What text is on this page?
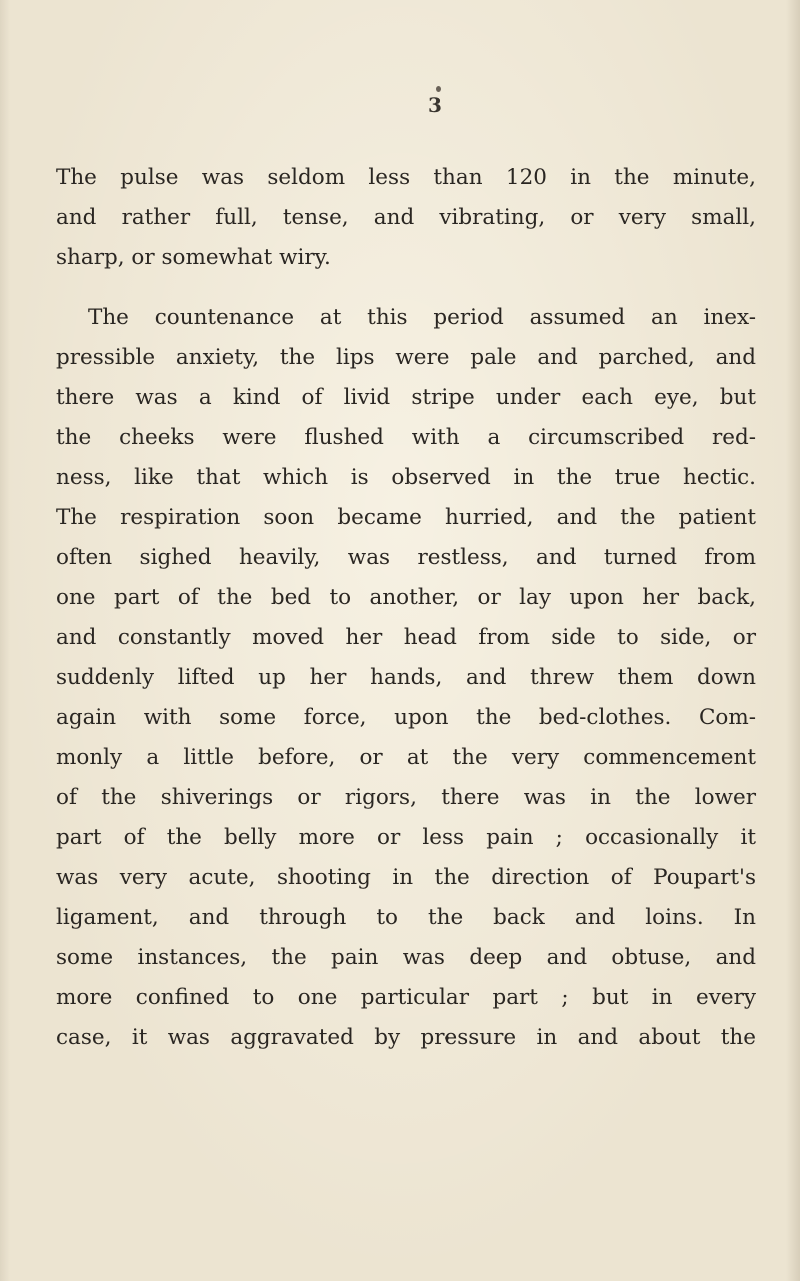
3
The pulse was seldom less than 120 in the minute,
and rather full, tense, and vibrating, or very small,
sharp, or somewhat wiry.
The countenance at this period assumed an inex-
pressible anxiety, the lips were pale and parched, and
there was a kind of livid stripe under each eye, but
the cheeks were flushed with a circumscribed red-
ness, like that which is observed in the true hectic.
The respiration soon became hurried, and the patient
often sighed heavily, was restless, and turned from
one part of the bed to another, or lay upon her back,
and constantly moved her head from side to side, or
suddenly lifted up her hands, and threw them down
again with some force, upon the bed-clothes. Com-
monly a little before, or at the very commencement
of the shiverings or rigors, there was in the lower
part of the belly more or less pain ; occasionally it
was very acute, shooting in the direction of Poupart's
ligament, and through to the back and loins. In
some instances, the pain was deep and obtuse, and
more confined to one particular part ; but in every
case, it was aggravated by pressure in and about the
